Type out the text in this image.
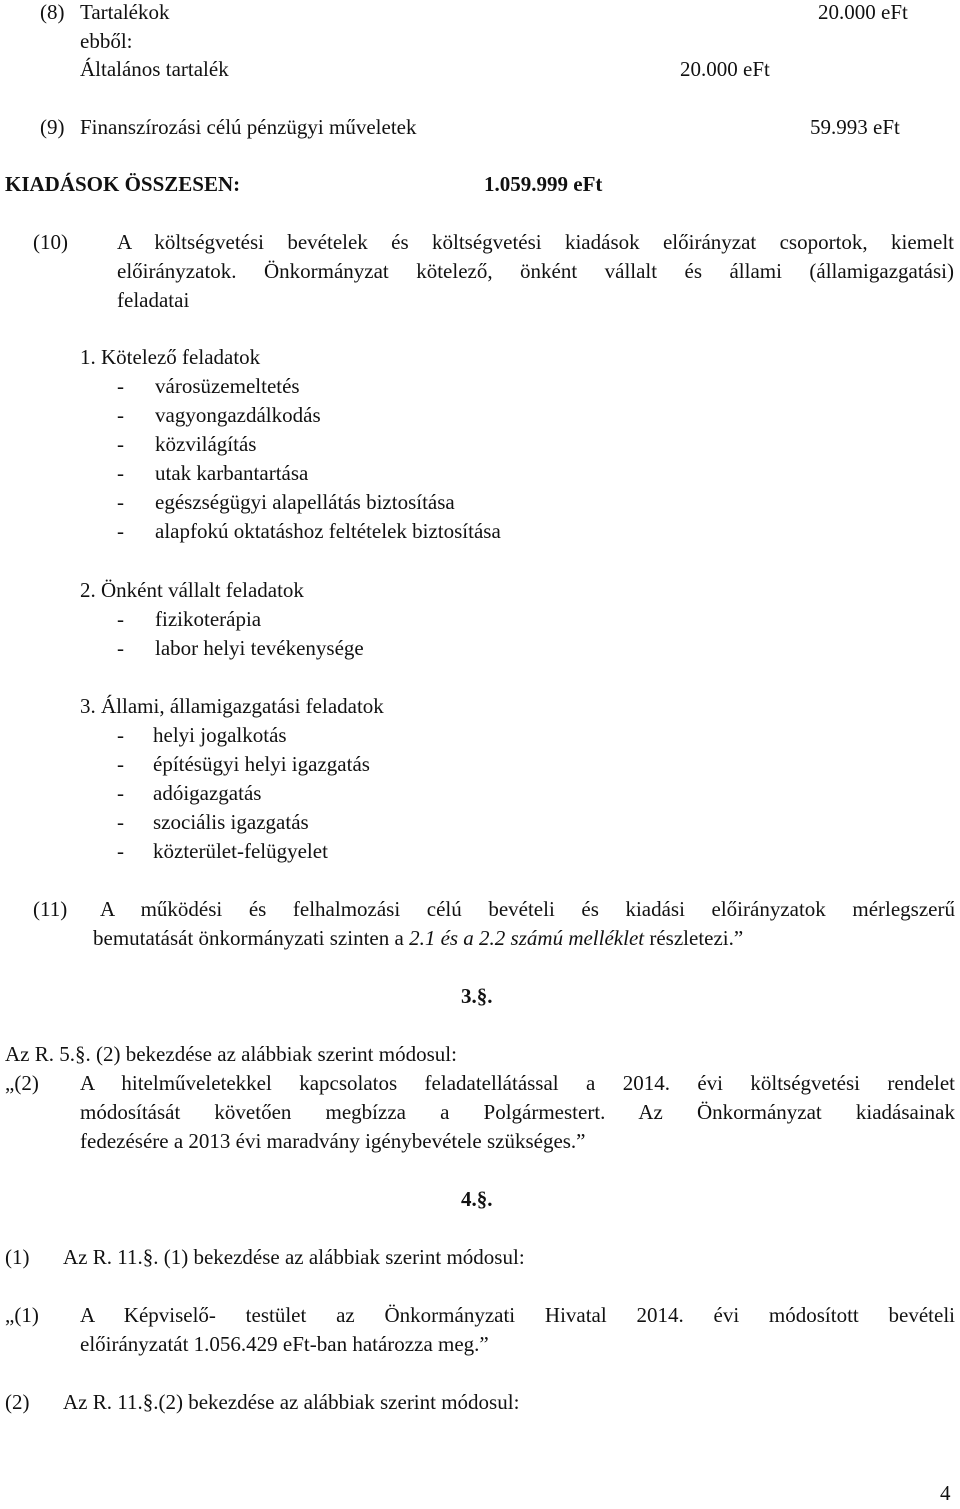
(8) Tartalékok	20.000 eFt
ebből:
Általános tartalék	20.000 eFt
(9) Finanszírozási célú pénzügyi műveletek	59.993 eFt
KIADÁSOK ÖSSZESEN:	1.059.999 eFt
(10) A költségvetési bevételek és költségvetési kiadások előirányzat csoportok, kiemelt
előirányzatok. Önkormányzat kötelező, önként vállalt és állami (államigazgatási)
feladatai
1. Kötelező feladatok
- városüzemeltetés
- vagyongazdálkodás
- közvilágítás
- utak karbantartása
- egészségügyi alapellátás biztosítása
- alapfokú oktatáshoz feltételek biztosítása
2. Önként vállalt feladatok
- fizikoterápia
- labor helyi tevékenysége
3. Állami, államigazgatási feladatok
- helyi jogalkotás
- építésügyi helyi igazgatás
- adóigazgatás
- szociális igazgatás
- közterület-felügyelet
(11) A működési és felhalmozási célú bevételi és kiadási előirányzatok mérlegszerű
bemutatását önkormányzati szinten a 2.1 és a 2.2 számú melléklet részletezi.”
3.§.
Az R. 5.§. (2) bekezdése az alábbiak szerint módosul:
„(2) A hitelműveletekkel kapcsolatos feladatellátással a 2014. évi költségvetési rendelet
módosítását követően megbízza a Polgármestert. Az Önkormányzat kiadásainak
fedezésére a 2013 évi maradvány igénybevétele szükséges.”
4.§.
(1) Az R. 11.§. (1) bekezdése az alábbiak szerint módosul:
„(1) A Képviselő- testület az Önkormányzati Hivatal 2014. évi módosított bevételi
előirányzatát 1.056.429 eFt-ban határozza meg.”
(2) Az R. 11.§.(2) bekezdése az alábbiak szerint módosul:
4
